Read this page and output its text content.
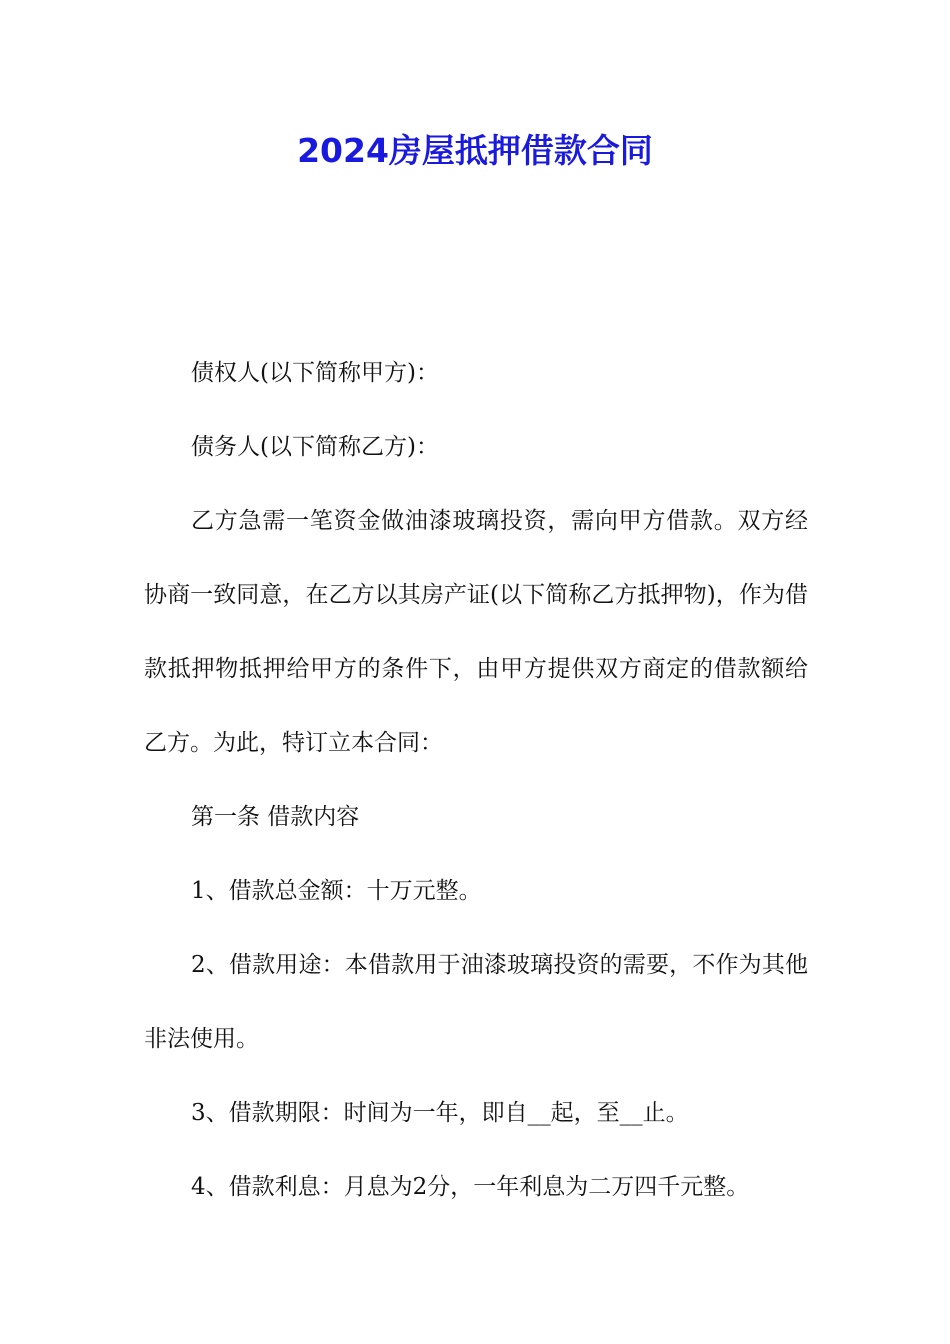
2024房屋抵押借款合同

债权人(以下简称甲方)：

债务人(以下简称乙方)：

乙方急需一笔资金做油漆玻璃投资，需向甲方借款。双方经协商一致同意，在乙方以其房产证(以下简称乙方抵押物)，作为借款抵押物抵押给甲方的条件下，由甲方提供双方商定的借款额给乙方。为此，特订立本合同：

第一条 借款内容

1、借款总金额：十万元整。

2、借款用途：本借款用于油漆玻璃投资的需要，不作为其他非法使用。

3、借款期限：时间为一年，即自__起，至__止。

4、借款利息：月息为2分，一年利息为二万四千元整。
